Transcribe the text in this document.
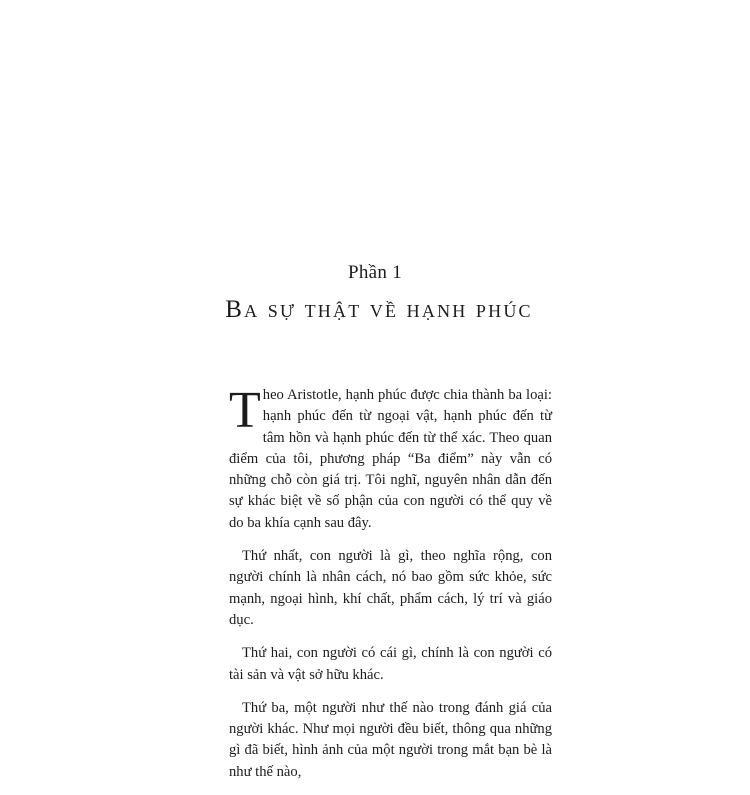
Phần 1
Ba sự thật về hạnh phúc

Theo Aristotle, hạnh phúc được chia thành ba loại: hạnh phúc đến từ ngoại vật, hạnh phúc đến từ tâm hồn và hạnh phúc đến từ thể xác. Theo quan điểm của tôi, phương pháp “Ba điểm” này vẫn có những chỗ còn giá trị. Tôi nghĩ, nguyên nhân dẫn đến sự khác biệt về số phận của con người có thể quy về do ba khía cạnh sau đây.

Thứ nhất, con người là gì, theo nghĩa rộng, con người chính là nhân cách, nó bao gồm sức khỏe, sức mạnh, ngoại hình, khí chất, phẩm cách, lý trí và giáo dục.

Thứ hai, con người có cái gì, chính là con người có tài sản và vật sở hữu khác.

Thứ ba, một người như thế nào trong đánh giá của người khác. Như mọi người đều biết, thông qua những gì đã biết, hình ảnh của một người trong mắt bạn bè là như thế nào,
